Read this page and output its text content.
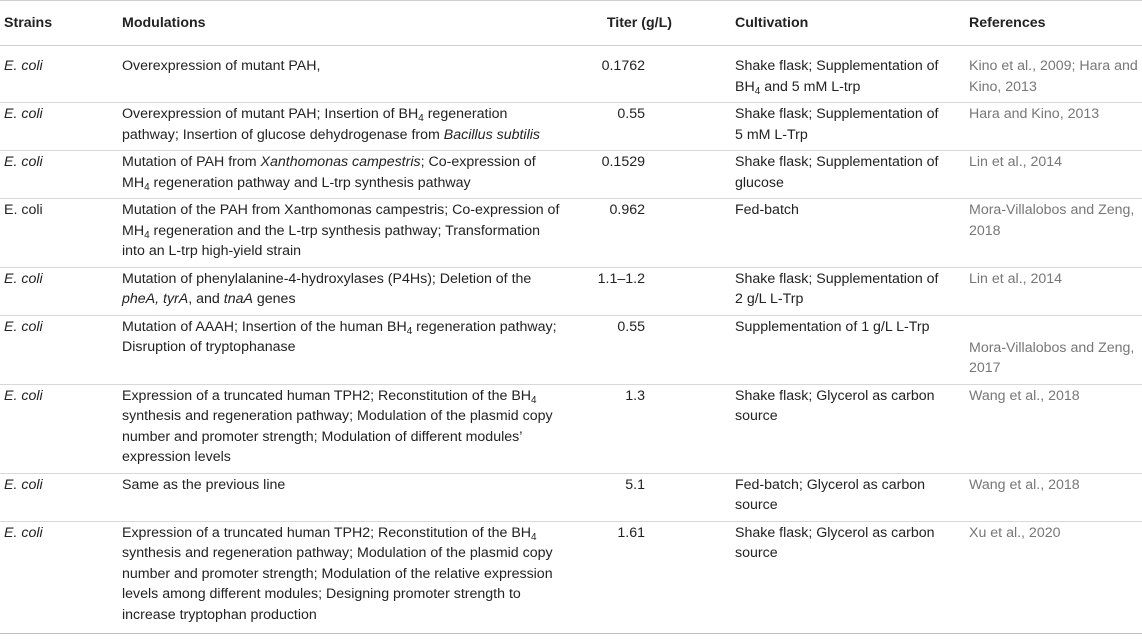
Strains	Modulations	Titer (g/L)	Cultivation	References
E. coli	Overexpression of mutant PAH,	0.1762	Shake flask; Supplementation of $BH_4$ and 5 mM L-trp	Kino et al., 2009; Hara and Kino, 2013
E. coli	Overexpression of mutant PAH; Insertion of $BH_4$ regeneration pathway; Insertion of glucose dehydrogenase from Bacillus subtilis	0.55	Shake flask; Supplementation of 5 mM L-Trp	Hara and Kino, 2013
E. coli	Mutation of PAH from Xanthomonas campestris; Co-expression of $MH_4$ regeneration pathway and L-trp synthesis pathway	0.1529	Shake flask; Supplementation of glucose	Lin et al., 2014
E. coli	Mutation of the PAH from Xanthomonas campestris; Co-expression of $MH_4$ regeneration and the L-trp synthesis pathway; Transformation into an L-trp high-yield strain	0.962	Fed-batch	Mora-Villalobos and Zeng, 2018
E. coli	Mutation of phenylalanine-4-hydroxylases (P4Hs); Deletion of the pheA, tyrA, and tnaA genes	1.1–1.2	Shake flask; Supplementation of 2 g/L L-Trp	Lin et al., 2014
E. coli	Mutation of AAAH; Insertion of the human $BH_4$ regeneration pathway; Disruption of tryptophanase	0.55	Supplementation of 1 g/L L-Trp	Mora-Villalobos and Zeng, 2017
E. coli	Expression of a truncated human TPH2; Reconstitution of the $BH_4$ synthesis and regeneration pathway; Modulation of the plasmid copy number and promoter strength; Modulation of different modules’ expression levels	1.3	Shake flask; Glycerol as carbon source	Wang et al., 2018
E. coli	Same as the previous line	5.1	Fed-batch; Glycerol as carbon source	Wang et al., 2018
E. coli	Expression of a truncated human TPH2; Reconstitution of the $BH_4$ synthesis and regeneration pathway; Modulation of the plasmid copy number and promoter strength; Modulation of the relative expression levels among different modules; Designing promoter strength to increase tryptophan production	1.61	Shake flask; Glycerol as carbon source	Xu et al., 2020
